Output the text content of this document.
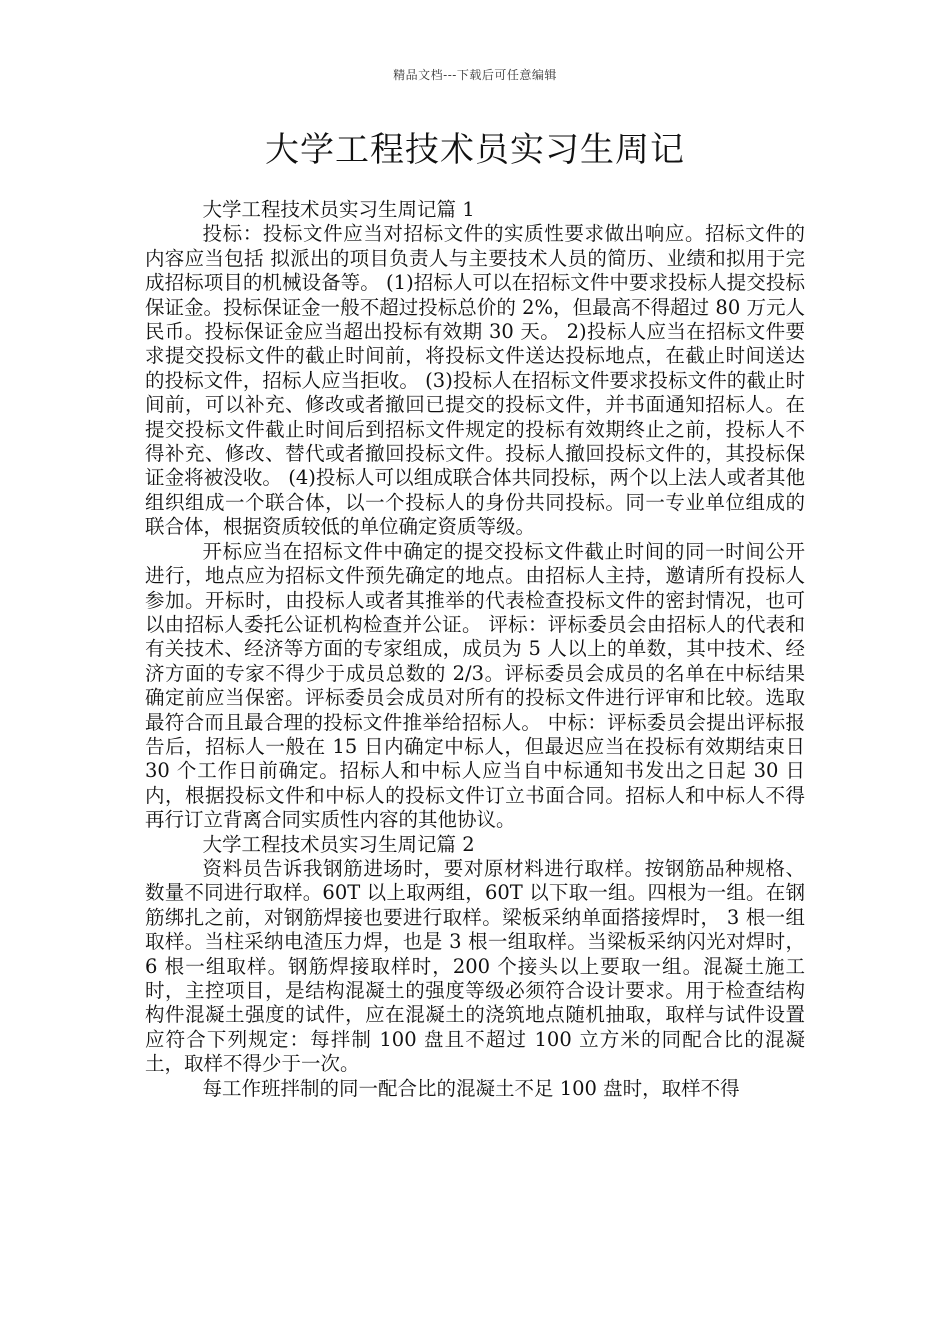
精品文档---下载后可任意编辑
大学工程技术员实习生周记

大学工程技术员实习生周记篇 1

投标：投标文件应当对招标文件的实质性要求做出响应。招标文件的内容应当包括 拟派出的项目负责人与主要技术人员的简历、业绩和拟用于完成招标项目的机械设备等。 (1)招标人可以在招标文件中要求投标人提交投标保证金。投标保证金一般不超过投标总价的 2%，但最高不得超过 80 万元人民币。投标保证金应当超出投标有效期 30 天。 2)投标人应当在招标文件要求提交投标文件的截止时间前，将投标文件送达投标地点，在截止时间送达的投标文件，招标人应当拒收。 (3)投标人在招标文件要求投标文件的截止时间前，可以补充、修改或者撤回已提交的投标文件，并书面通知招标人。在提交投标文件截止时间后到招标文件规定的投标有效期终止之前，投标人不得补充、修改、替代或者撤回投标文件。投标人撤回投标文件的，其投标保证金将被没收。 (4)投标人可以组成联合体共同投标，两个以上法人或者其他组织组成一个联合体，以一个投标人的身份共同投标。同一专业单位组成的联合体，根据资质较低的单位确定资质等级。

开标应当在招标文件中确定的提交投标文件截止时间的同一时间公开进行，地点应为招标文件预先确定的地点。由招标人主持，邀请所有投标人参加。开标时，由投标人或者其推举的代表检查投标文件的密封情况，也可以由招标人委托公证机构检查并公证。 评标：评标委员会由招标人的代表和有关技术、经济等方面的专家组成，成员为 5 人以上的单数，其中技术、经济方面的专家不得少于成员总数的 2/3。评标委员会成员的名单在中标结果确定前应当保密。评标委员会成员对所有的投标文件进行评审和比较。选取最符合而且最合理的投标文件推举给招标人。 中标：评标委员会提出评标报告后，招标人一般在 15 日内确定中标人，但最迟应当在投标有效期结束日 30 个工作日前确定。招标人和中标人应当自中标通知书发出之日起 30 日内，根据投标文件和中标人的投标文件订立书面合同。招标人和中标人不得再行订立背离合同实质性内容的其他协议。

大学工程技术员实习生周记篇 2

资料员告诉我钢筋进场时，要对原材料进行取样。按钢筋品种规格、数量不同进行取样。60T 以上取两组，60T 以下取一组。四根为一组。在钢筋绑扎之前，对钢筋焊接也要进行取样。梁板采纳单面搭接焊时， 3 根一组取样。当柱采纳电渣压力焊，也是 3 根一组取样。当梁板采纳闪光对焊时，6 根一组取样。钢筋焊接取样时，200 个接头以上要取一组。混凝土施工时，主控项目，是结构混凝土的强度等级必须符合设计要求。用于检查结构构件混凝土强度的试件，应在混凝土的浇筑地点随机抽取，取样与试件设置应符合下列规定：每拌制 100 盘且不超过 100 立方米的同配合比的混凝土，取样不得少于一次。

每工作班拌制的同一配合比的混凝土不足 100 盘时，取样不得
